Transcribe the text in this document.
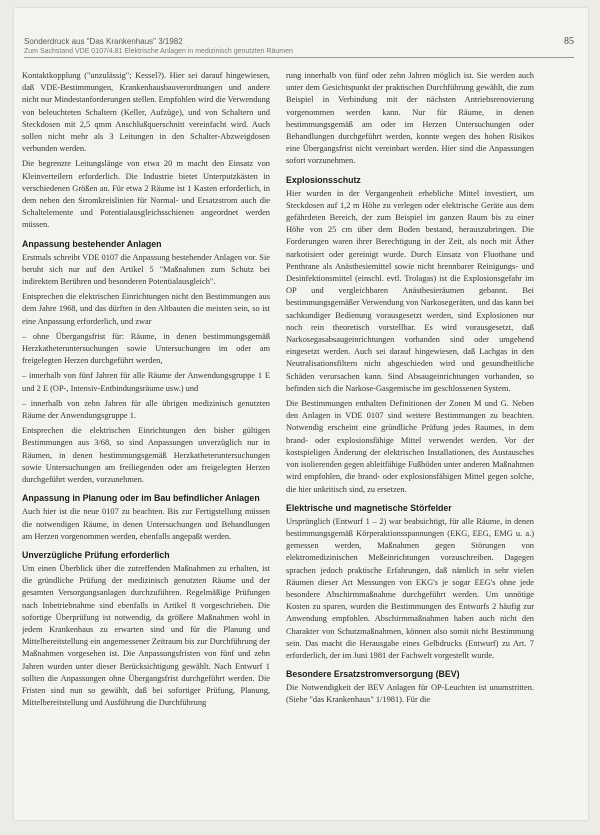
Sonderdruck aus "Das Krankenhaus" 3/1982	85
Zum Sachstand VDE 0107/4.81 Elektrische Anlagen in medizinisch genutzten Räumen

Kontaktkopplung ("unzulässig"; Kessel?). Hier sei darauf hingewiesen, daß VDE-Bestimmungen, Krankenhausbauverordnungen und andere nicht nur Mindestanforderungen stellen. Empfohlen wird die Verwendung von beleuchteten Schaltern (Keller, Aufzüge), und von Schaltern und Steckdosen mit 2,5 qmm Anschlußquerschnitt vereinfacht wird. Auch sollen nicht mehr als 3 Leitungen in den Schalter-Abzweigdosen verbunden werden.

Die begrenzte Leitungslänge von etwa 20 m macht den Einsatz von Kleinverteilern erforderlich. Die Industrie bietet Unterputzkästen in verschiedenen Größen an. Für etwa 2 Räume ist 1 Kasten erforderlich, in dem neben den Stromkreislinien für Normal- und Ersatzstrom auch die Schaltelemente und Potentialausgleichsschienen angeordnet werden müssen.

Anpassung bestehender Anlagen

Erstmals schreibt VDE 0107 die Anpassung bestehender Anlagen vor. Sie beruht sich nur auf den Artikel 5 "Maßnahmen zum Schutz bei indirektem Berühren und besonderen Potentialausgleich".

Entsprechen die elektrischen Einrichtungen nicht den Bestimmungen aus dem Jahre 1968, und das dürften in den Altbauten die meisten sein, so ist eine Anpassung erforderlich, und zwar

– ohne Übergangsfrist für: Räume, in denen bestimmungsgemäß Herzkatheteruntersuchungen sowie Untersuchungen im oder am freigelegten Herzen durchgeführt werden,
– innerhalb von fünf Jahren für alle Räume der Anwendungsgruppe 1 E und 2 E (OP-, Intensiv-Entbindungsräume usw.) und
– innerhalb von zehn Jahren für alle übrigen medizinisch genutzten Räume der Anwendungsgruppe 1.

Entsprechen die elektrischen Einrichtungen den bisher gültigen Bestimmungen aus 3/68, so sind Anpassungen unverzüglich nur in Räumen, in denen bestimmungsgemäß Herzkatheteruntersuchungen sowie Untersuchungen am freiliegenden oder am freigelegten Herzen durchgeführt werden, vorzunehmen.

Anpassung in Planung oder im Bau befindlicher Anlagen

Auch hier ist die neue 0107 zu beachten. Bis zur Fertigstellung müssen die notwendigen Räume, in denen Untersuchungen und Behandlungen am Herzen vorgenommen werden, ebenfalls angepaßt werden.

Unverzügliche Prüfung erforderlich

Um einen Überblick über die zutreffenden Maßnahmen zu erhalten, ist die gründliche Prüfung der medizinisch genutzten Räume und der gesamten Versorgungsanlagen durchzuführen. Regelmäßige Prüfungen nach Inbetriebnahme sind ebenfalls in Artikel 8 vorgeschrieben. Die sofortige Überprüfung ist notwendig, da größere Maßnahmen wohl in jedem Krankenhaus zu erwarten sind und für die Planung und Mittelbereitstellung ein angemessener Zeitraum bis zur Durchführung der Maßnahmen vorgesehen ist. Die Anpassungsfristen von fünf und zehn Jahren wurden unter dieser Berücksichtigung gewählt. Nach Entwurf 1 sollten die Anpassungen ohne Übergangsfrist durchgeführt werden. Die Fristen sind nun so gewählt, daß bei sofortiger Prüfung, Planung, Mittelbereitstellung und Ausführung die Durchführung

rung innerhalb von fünf oder zehn Jahren möglich ist. Sie werden auch unter dem Gesichtspunkt der praktischen Durchführung gewählt, die zum Beispiel in Verbindung mit der nächsten Antriebsrenovierung vorgenommen werden kann. Nur für Räume, in denen bestimmungsgemäß am oder im Herzen Untersuchungen oder Behandlungen durchgeführt werden, konnte wegen des hohen Risikos eine Übergangsfrist nicht vereinbart werden. Hier sind die Anpassungen sofort vorzunehmen.

Explosionsschutz

Hier wurden in der Vergangenheit erhebliche Mittel investiert, um Steckdosen auf 1,2 m Höhe zu verlegen oder elektrische Geräte aus dem gefährdeten Bereich, der zum Beispiel im ganzen Raum bis zu einer Höhe von 25 cm über dem Boden bestand, herauszubringen. Die Forderungen waren ihrer Berechtigung in der Zeit, als noch mit Äther narkotisiert oder gereinigt wurde. Durch Einsatz von Fluothane und Penthrane als Anästhesiemittel sowie nicht brennbarer Reinigungs- und Desinfektionsmittel (einschl. evtl. Trolagas) ist die Explosionsgefahr im OP und vergleichbaren Anästhesieräumen gebannt. Bei bestimmungsgemäßer Verwendung von Narkosegeräten, und das kann bei sachkundiger Bedienung vorausgesetzt werden, sind Explosionen nur noch rein theoretisch vorstellbar. Es wird vorausgesetzt, daß Narkosegasabsaugeinrichtungen vorhanden sind oder umgehend eingesetzt werden. Auch sei darauf hingewiesen, daß Lachgas in den Neutralisationsfiltern nicht abgeschieden wird und gesundheitliche Schäden verursachen kann. Sind Absaugeinrichtungen vorhanden, so befinden sich die Narkose-Gasgemische im geschlossenen System.

Die Bestimmungen enthalten Definitionen der Zonen M und G. Neben den Anlagen in VDE 0107 sind weitere Bestimmungen zu beachten. Notwendig erscheint eine gründliche Prüfung jedes Raumes, in dem brand- oder explosionsfähige Mittel verwendet werden. Vor der kostspieligen Änderung der elektrischen Installationen, des Austausches von isolierenden gegen ableitfähige Fußböden unter anderen Maßnahmen wird empfohlen, die brand- oder explosionsfähigen Mittel gegen solche, die hier unkritisch sind, zu ersetzen.

Elektrische und magnetische Störfelder

Ursprünglich (Entwurf 1 – 2) war beabsichtigt, für alle Räume, in denen bestimmungsgemäß Körperaktionsspannungen (EKG, EEG, EMG u. a.) gemessen werden, Maßnahmen gegen Störungen von elektromedizinischen Meßeinrichtungen vorzuschreiben. Dagegen sprachen jedoch praktische Erfahrungen, daß nämlich in sehr vielen Räumen dieser Art Messungen von EKG's je sogar EEG's ohne jede besondere Abschirmmaßnahme durchgeführt werden. Um unnötige Kosten zu sparen, wurden die Bestimmungen des Entwurfs 2 häufig zur Anwendung empfohlen. Abschirmmaßnahmen haben auch nicht den Charakter von Schutzmaßnahmen, können also somit nicht Bestimmung sein. Das macht die Herausgabe eines Gelbdrucks (Entwurf) zu Art. 7 erforderlich, der im Juni 1981 der Fachwelt vorgestellt wurde.

Besondere Ersatzstromversorgung (BEV)

Die Notwendigkeit der BEV Anlagen für OP-Leuchten ist unumstritten. (Siehe "das Krankenhaus" 1/1981). Für die
